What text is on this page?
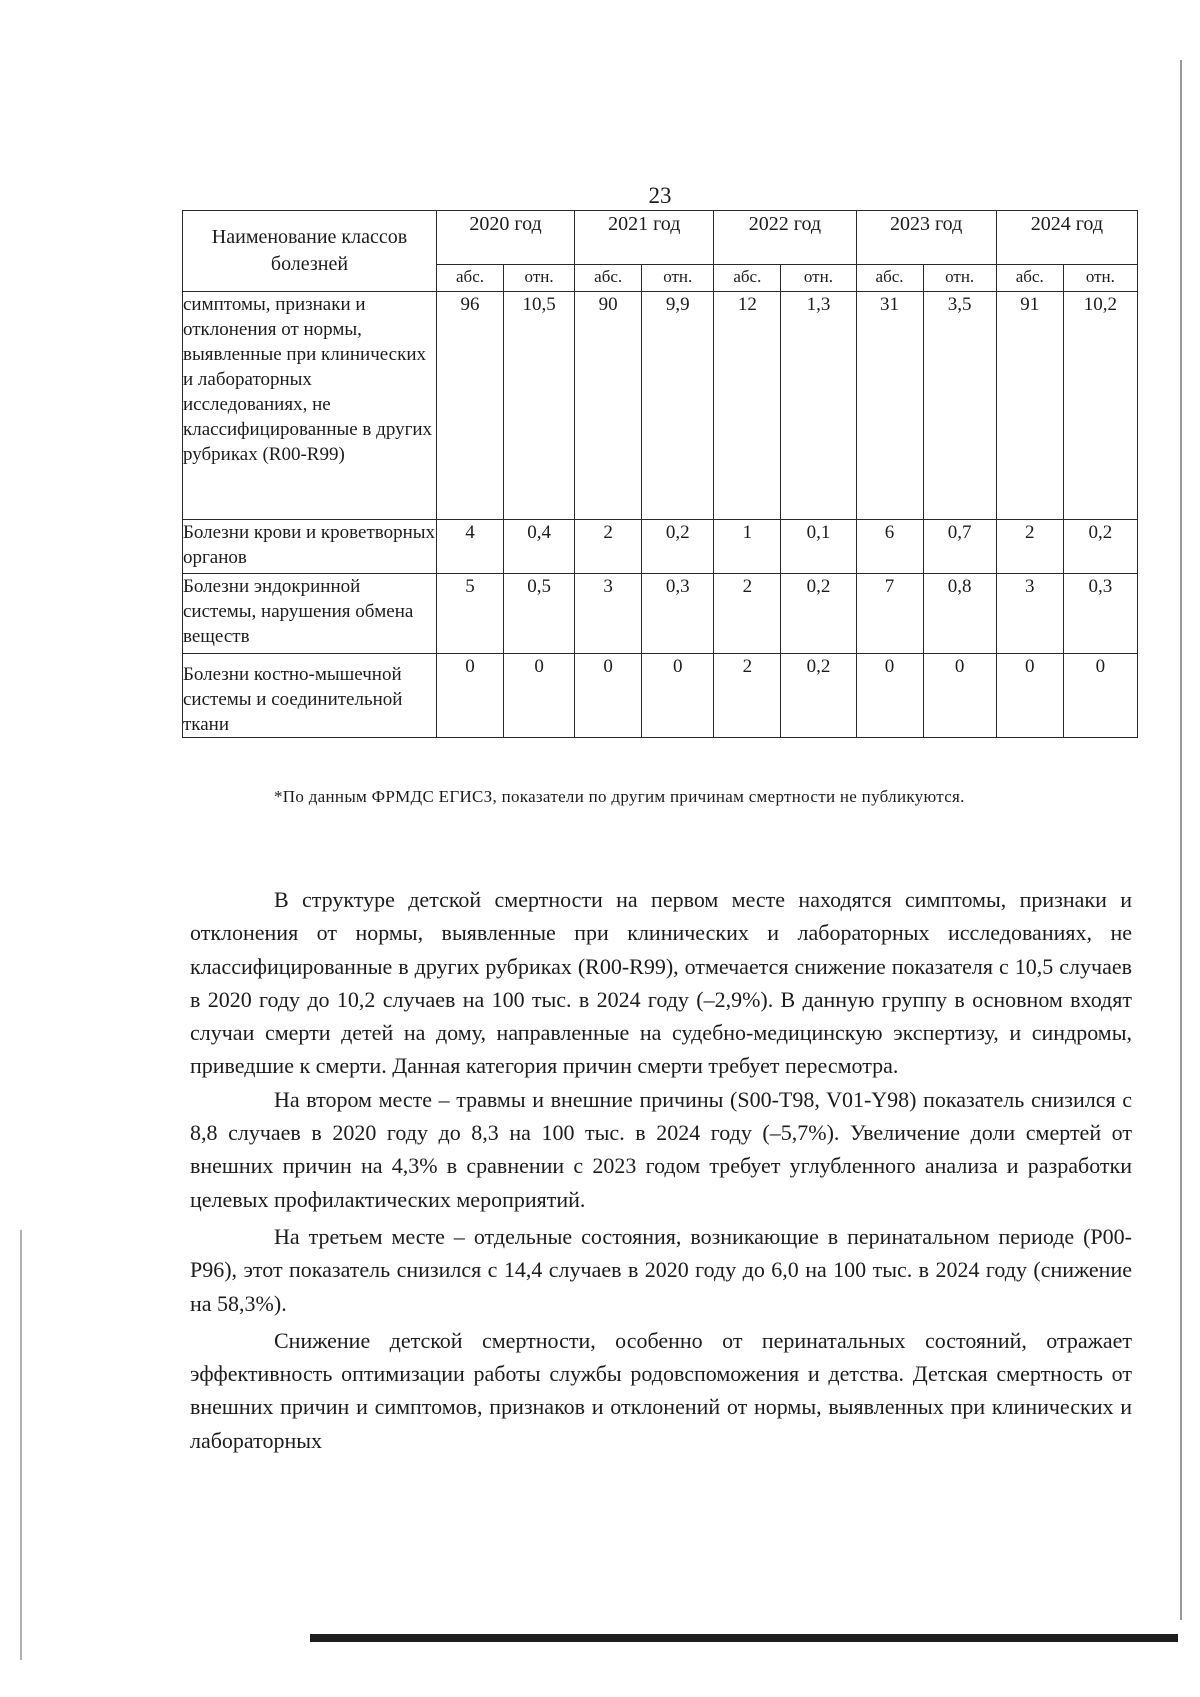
23
Наименование классов болезней	2020 год		2021 год		2022 год		2023 год		2024 год	
	абс.	отн.	абс.	отн.	абс.	отн.	абс.	отн.	абс.	отн.
симптомы, признаки и отклонения от нормы, выявленные при клинических и лабораторных исследованиях, не классифицированные в других рубриках (R00-R99)	96	10,5	90	9,9	12	1,3	31	3,5	91	10,2
Болезни крови и кроветворных органов	4	0,4	2	0,2	1	0,1	6	0,7	2	0,2
Болезни эндокринной системы, нарушения обмена веществ	5	0,5	3	0,3	2	0,2	7	0,8	3	0,3
Болезни костно-мышечной системы и соединительной ткани	0	0	0	0	2	0,2	0	0	0	0
*По данным ФРМДС ЕГИСЗ, показатели по другим причинам смертности не публикуются.

В структуре детской смертности на первом месте находятся симптомы, признаки и отклонения от нормы, выявленные при клинических и лабораторных исследованиях, не классифицированные в других рубриках (R00-R99), отмечается снижение показателя с 10,5 случаев в 2020 году до 10,2 случаев на 100 тыс. в 2024 году (–2,9%). В данную группу в основном входят случаи смерти детей на дому, направленные на судебно-медицинскую экспертизу, и синдромы, приведшие к смерти. Данная категория причин смерти требует пересмотра.

На втором месте – травмы и внешние причины (S00-T98, V01-Y98) показатель снизился с 8,8 случаев в 2020 году до 8,3 на 100 тыс. в 2024 году (–5,7%). Увеличение доли смертей от внешних причин на 4,3% в сравнении с 2023 годом требует углубленного анализа и разработки целевых профилактических мероприятий.

На третьем месте – отдельные состояния, возникающие в перинатальном периоде (P00-P96), этот показатель снизился с 14,4 случаев в 2020 году до 6,0 на 100 тыс. в 2024 году (снижение на 58,3%).

Снижение детской смертности, особенно от перинатальных состояний, отражает эффективность оптимизации работы службы родовспоможения и детства. Детская смертность от внешних причин и симптомов, признаков и отклонений от нормы, выявленных при клинических и лабораторных
